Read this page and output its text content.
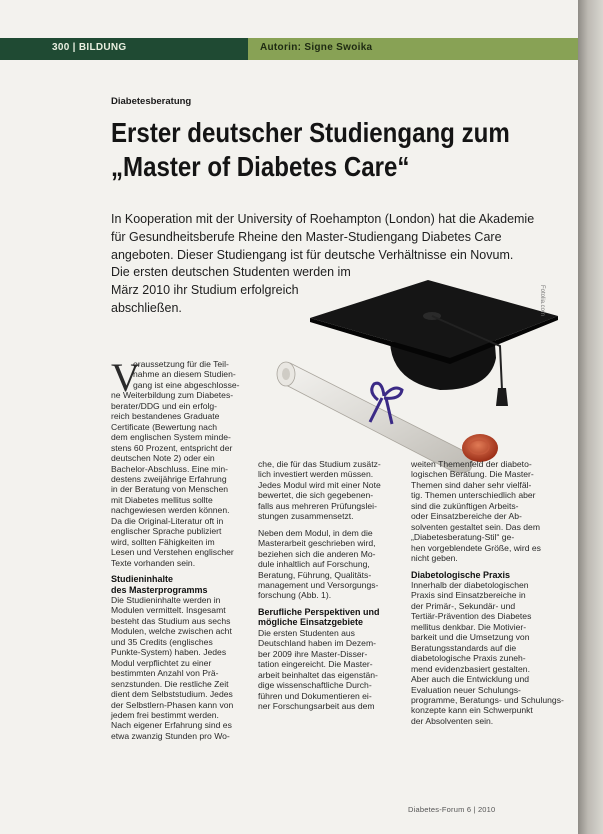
300 | BILDUNG	Autorin: Signe Swoika
Diabetesberatung
Erster deutscher Studiengang zum
„Master of Diabetes Care“
In Kooperation mit der University of Roehampton (London) hat die Akademie
für Gesundheitsberufe Rheine den Master-Studiengang Diabetes Care
angeboten. Dieser Studiengang ist für deutsche Verhältnisse ein Novum.
Die ersten deutschen Studenten werden im
März 2010 ihr Studium erfolgreich
abschließen.	Fotolia.com
V
oraussetzung für die Teil-
nahme an diesem Studien-
gang ist eine abgeschlosse-
ne Weiterbildung zum Diabetes-
berater/DDG und ein erfolg-
reich bestandenes Graduate
Certificate (Bewertung nach
dem englischen System minde-
stens 60 Prozent, entspricht der
deutschen Note 2) oder ein
Bachelor-Abschluss. Eine min-
destens zweijährige Erfahrung
in der Beratung von Menschen
mit Diabetes mellitus sollte
nachgewiesen werden können.
Da die Original-Literatur oft in
englischer Sprache publiziert
wird, sollten Fähigkeiten im
Lesen und Verstehen englischer
Texte vorhanden sein.
Studieninhalte
des Masterprogramms
Die Studieninhalte werden in
Modulen vermittelt. Insgesamt
besteht das Studium aus sechs
Modulen, welche zwischen acht
und 35 Credits (englisches
Punkte-System) haben. Jedes
Modul verpflichtet zu einer
bestimmten Anzahl von Prä-
senzstunden. Die restliche Zeit
dient dem Selbststudium. Jedes
der Selbstlern-Phasen kann von
jedem frei bestimmt werden.
Nach eigener Erfahrung sind es
etwa zwanzig Stunden pro Wo-
che, die für das Studium zusätz-
lich investiert werden müssen.
Jedes Modul wird mit einer Note
bewertet, die sich gegebenen-
falls aus mehreren Prüfungslei-
stungen zusammensetzt.
Neben dem Modul, in dem die
Masterarbeit geschrieben wird,
beziehen sich die anderen Mo-
dule inhaltlich auf Forschung,
Beratung, Führung, Qualitäts-
management und Versorgungs-
forschung (Abb. 1).
Berufliche Perspektiven und
mögliche Einsatzgebiete
Die ersten Studenten aus
Deutschland haben im Dezem-
ber 2009 ihre Master-Disser-
tation eingereicht. Die Master-
arbeit beinhaltet das eigenstän-
dige wissenschaftliche Durch-
führen und Dokumentieren ei-
ner Forschungsarbeit aus dem
weiten Themenfeld der diabeto-
logischen Beratung. Die Master-
Themen sind daher sehr vielfäl-
tig. Themen unterschiedlich aber
sind die zukünftigen Arbeits-
oder Einsatzbereiche der Ab-
solventen gestaltet sein. Das dem
„Diabetesberatung-Stil“ ge-
hen vorgeblendete Größe, wird es
nicht geben.
Diabetologische Praxis
Innerhalb der diabetologischen
Praxis sind Einsatzbereiche in
der Primär-, Sekundär- und
Tertiär-Prävention des Diabetes
mellitus denkbar. Die Motivier-
barkeit und die Umsetzung von
Beratungsstandards auf die
diabetologische Praxis zuneh-
mend evidenzbasiert gestalten.
Aber auch die Entwicklung und
Evaluation neuer Schulungs-
programme, Beratungs- und Schulungs-
konzepte kann ein Schwerpunkt
der Absolventen sein.
Diabetes-Forum 6 | 2010
